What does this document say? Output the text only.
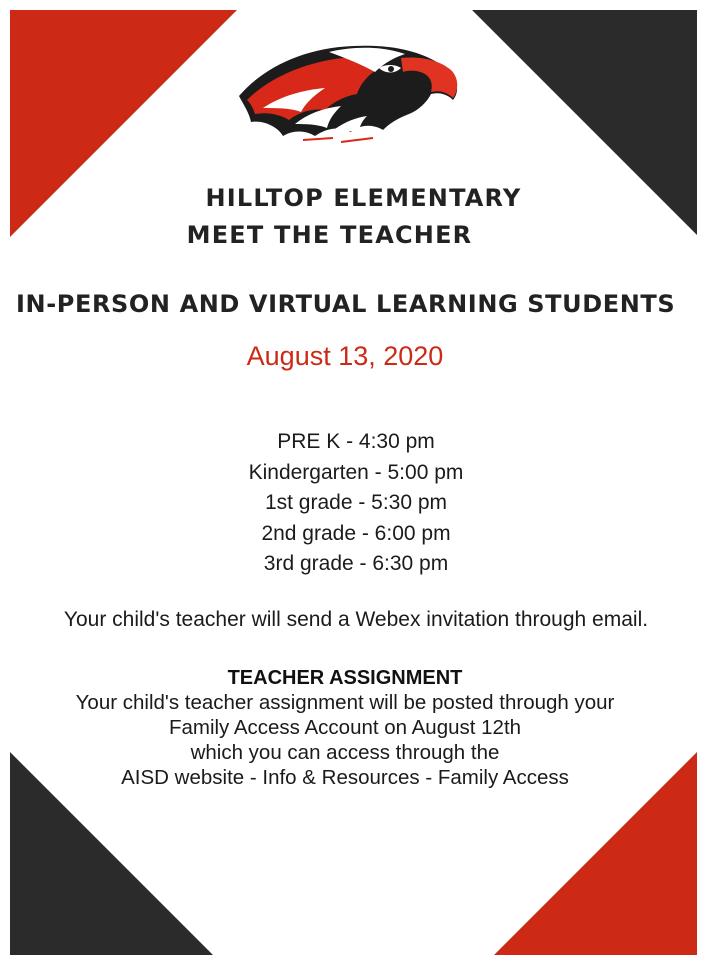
HILLTOP ELEMENTARY
MEET THE TEACHER
IN-PERSON AND VIRTUAL LEARNING STUDENTS
August 13, 2020
PRE K - 4:30 pm
Kindergarten - 5:00 pm
1st grade - 5:30 pm
2nd grade - 6:00 pm
3rd grade - 6:30 pm
Your child's teacher will send a Webex invitation through email.
TEACHER ASSIGNMENT
Your child's teacher assignment will be posted through your
Family Access Account on August 12th
which you can access through the
AISD website - Info & Resources - Family Access
